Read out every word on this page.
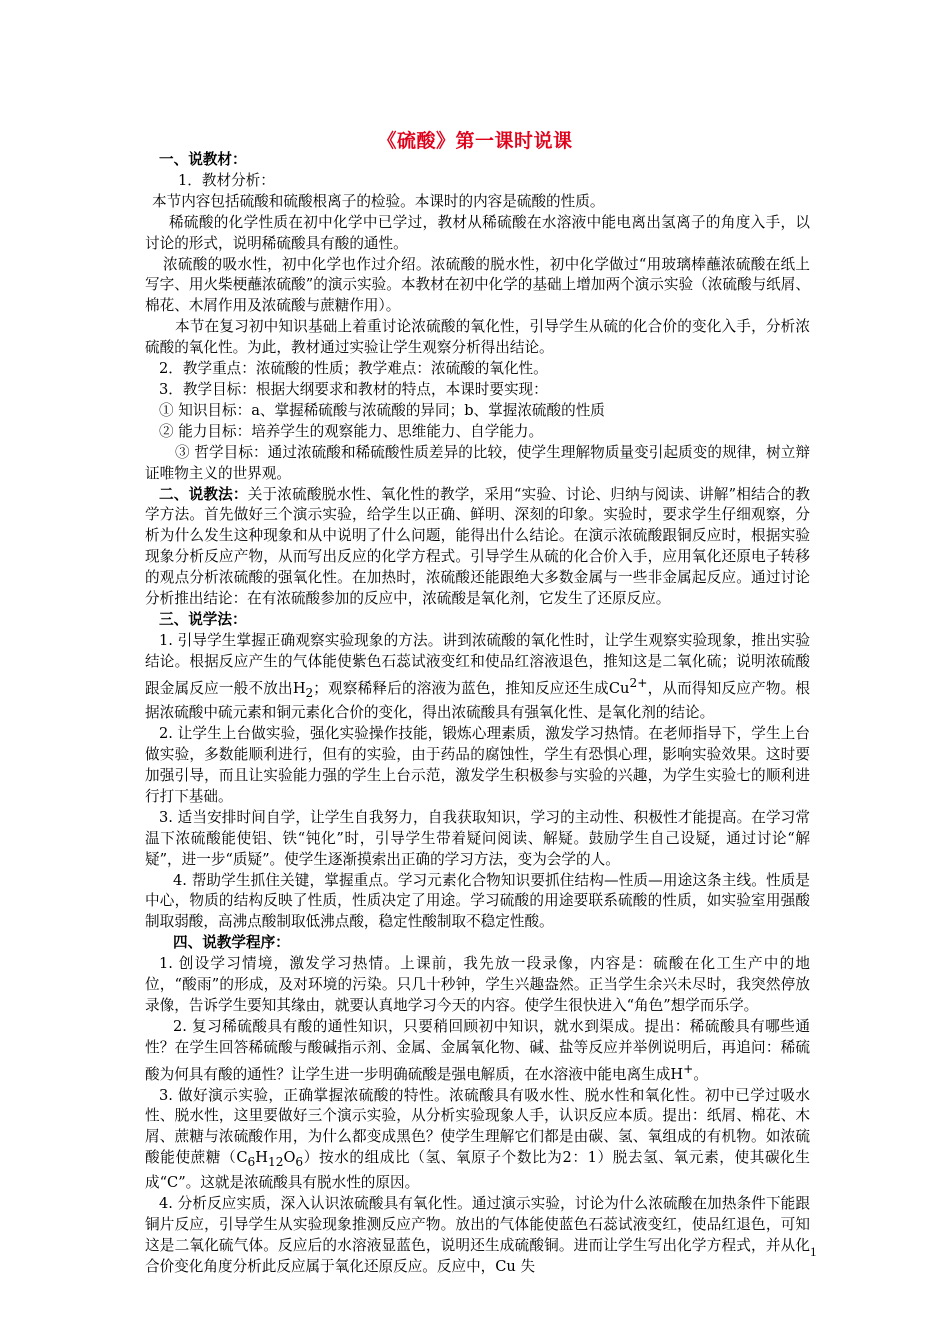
《硫酸》第一课时说课

一、说教材：

1．教材分析：

本节内容包括硫酸和硫酸根离子的检验。本课时的内容是硫酸的性质。

稀硫酸的化学性质在初中化学中已学过，教材从稀硫酸在水溶液中能电离出氢离子的角度入手，以讨论的形式，说明稀硫酸具有酸的通性。

浓硫酸的吸水性，初中化学也作过介绍。浓硫酸的脱水性，初中化学做过“用玻璃棒蘸浓硫酸在纸上写字、用火柴梗蘸浓硫酸”的演示实验。本教材在初中化学的基础上增加两个演示实验（浓硫酸与纸屑、棉花、木屑作用及浓硫酸与蔗糖作用）。

本节在复习初中知识基础上着重讨论浓硫酸的氧化性，引导学生从硫的化合价的变化入手，分析浓硫酸的氧化性。为此，教材通过实验让学生观察分析得出结论。

2．教学重点：浓硫酸的性质；教学难点：浓硫酸的氧化性。

3．教学目标：根据大纲要求和教材的特点，本课时要实现：

① 知识目标：a、掌握稀硫酸与浓硫酸的异同；b、掌握浓硫酸的性质

② 能力目标：培养学生的观察能力、思维能力、自学能力。

③ 哲学目标：通过浓硫酸和稀硫酸性质差异的比较，使学生理解物质量变引起质变的规律，树立辩证唯物主义的世界观。

二、说教法：关于浓硫酸脱水性、氧化性的教学，采用“实验、讨论、归纳与阅读、讲解”相结合的教学方法。首先做好三个演示实验，给学生以正确、鲜明、深刻的印象。实验时，要求学生仔细观察，分析为什么发生这种现象和从中说明了什么问题，能得出什么结论。在演示浓硫酸跟铜反应时，根据实验现象分析反应产物，从而写出反应的化学方程式。引导学生从硫的化合价入手，应用氧化还原电子转移的观点分析浓硫酸的强氧化性。在加热时，浓硫酸还能跟绝大多数金属与一些非金属起反应。通过讨论分析推出结论：在有浓硫酸参加的反应中，浓硫酸是氧化剂，它发生了还原反应。

三、说学法：

1. 引导学生掌握正确观察实验现象的方法。讲到浓硫酸的氧化性时，让学生观察实验现象，推出实验结论。根据反应产生的气体能使紫色石蕊试液变红和使品红溶液退色，推知这是二氧化硫；说明浓硫酸跟金属反应一般不放出$H_2$；观察稀释后的溶液为蓝色，推知反应还生成$Cu^{2+}$，从而得知反应产物。根据浓硫酸中硫元素和铜元素化合价的变化，得出浓硫酸具有强氧化性、是氧化剂的结论。

2. 让学生上台做实验，强化实验操作技能，锻炼心理素质，激发学习热情。在老师指导下，学生上台做实验，多数能顺利进行，但有的实验，由于药品的腐蚀性，学生有恐惧心理，影响实验效果。这时要加强引导，而且让实验能力强的学生上台示范，激发学生积极参与实验的兴趣，为学生实验七的顺利进行打下基础。

3. 适当安排时间自学，让学生自我努力，自我获取知识，学习的主动性、积极性才能提高。在学习常温下浓硫酸能使铝、铁“钝化”时，引导学生带着疑问阅读、解疑。鼓励学生自己设疑，通过讨论“解疑”，进一步“质疑”。使学生逐渐摸索出正确的学习方法，变为会学的人。

4. 帮助学生抓住关键，掌握重点。学习元素化合物知识要抓住结构—性质—用途这条主线。性质是中心，物质的结构反映了性质，性质决定了用途。学习硫酸的用途要联系硫酸的性质，如实验室用强酸制取弱酸，高沸点酸制取低沸点酸，稳定性酸制取不稳定性酸。

四、说教学程序：

1. 创设学习情境，激发学习热情。上课前，我先放一段录像，内容是：硫酸在化工生产中的地位，“酸雨”的形成，及对环境的污染。只几十秒钟，学生兴趣盎然。正当学生余兴未尽时，我突然停放录像，告诉学生要知其缘由，就要认真地学习今天的内容。使学生很快进入“角色”想学而乐学。

2. 复习稀硫酸具有酸的通性知识，只要稍回顾初中知识，就水到渠成。提出：稀硫酸具有哪些通性？在学生回答稀硫酸与酸碱指示剂、金属、金属氧化物、碱、盐等反应并举例说明后，再追问：稀硫酸为何具有酸的通性？让学生进一步明确硫酸是强电解质，在水溶液中能电离生成H+。

3. 做好演示实验，正确掌握浓硫酸的特性。浓硫酸具有吸水性、脱水性和氧化性。初中已学过吸水性、脱水性，这里要做好三个演示实验，从分析实验现象人手，认识反应本质。提出：纸屑、棉花、木屑、蔗糖与浓硫酸作用，为什么都变成黑色？使学生理解它们都是由碳、氢、氧组成的有机物。如浓硫酸能使蔗糖$(C_6H_{12}O_6)$按水的组成比（氢、氧原子个数比为2：1）脱去氢、氧元素，使其碳化生成“C”。这就是浓硫酸具有脱水性的原因。

4. 分析反应实质，深入认识浓硫酸具有氧化性。通过演示实验，讨论为什么浓硫酸在加热条件下能跟铜片反应，引导学生从实验现象推测反应产物。放出的气体能使蓝色石蕊试液变红，使品红退色，可知这是二氧化硫气体。反应后的水溶液显蓝色，说明还生成硫酸铜。进而让学生写出化学方程式，并从化合价变化角度分析此反应属于氧化还原反应。反应中，Cu 失

1
